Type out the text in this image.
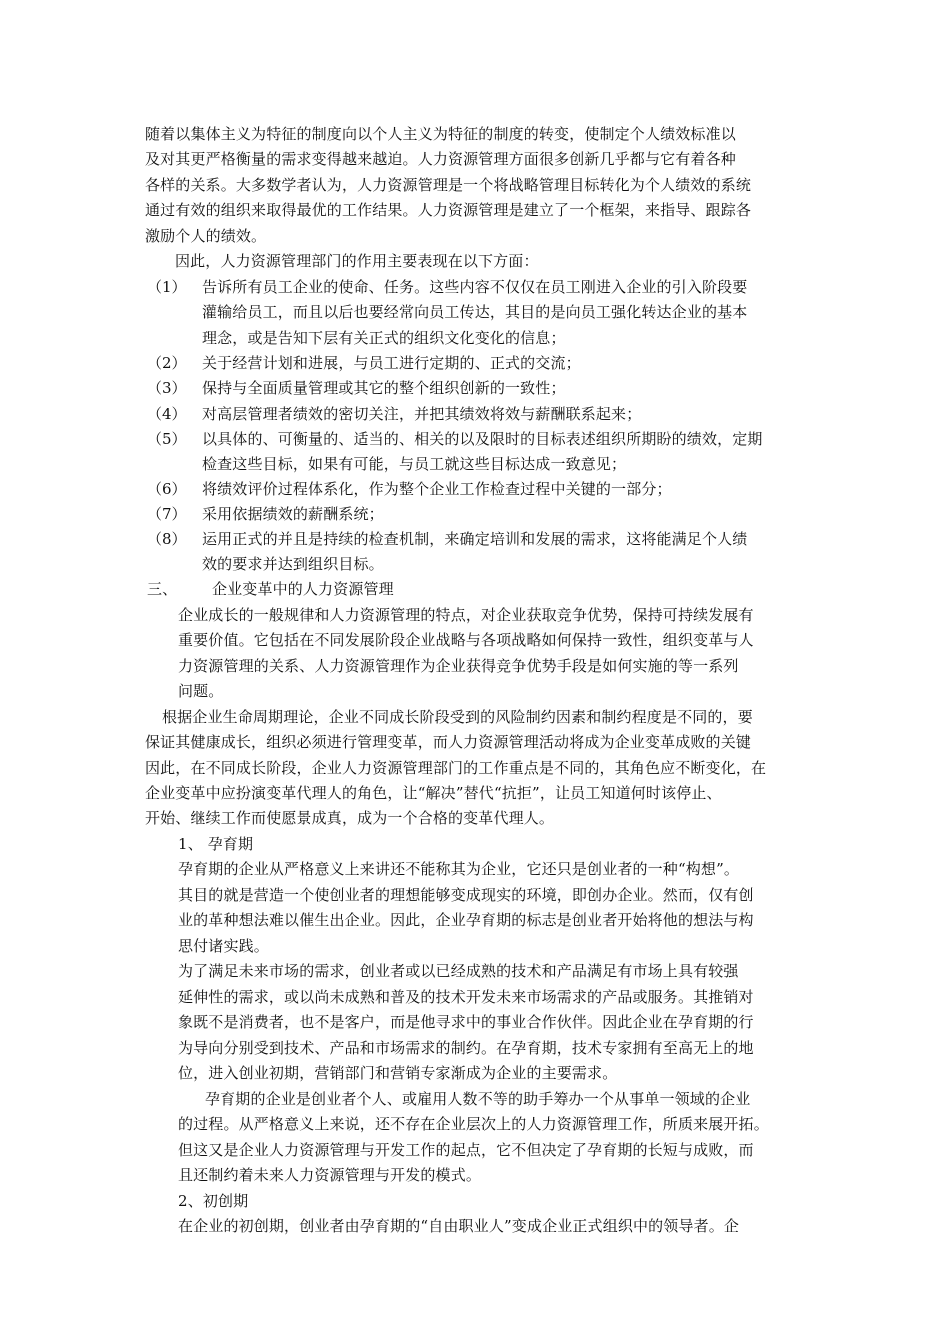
随着以集体主义为特征的制度向以个人主义为特征的制度的转变，使制定个人绩效标准以
及对其更严格衡量的需求变得越来越迫。人力资源管理方面很多创新几乎都与它有着各种
各样的关系。大多数学者认为，人力资源管理是一个将战略管理目标转化为个人绩效的系统
通过有效的组织来取得最优的工作结果。人力资源管理是建立了一个框架，来指导、跟踪各
激励个人的绩效。
因此，人力资源管理部门的作用主要表现在以下方面：
（1） 告诉所有员工企业的使命、任务。这些内容不仅仅在员工刚进入企业的引入阶段要
灌输给员工，而且以后也要经常向员工传达，其目的是向员工强化转达企业的基本
理念，或是告知下层有关正式的组织文化变化的信息；
（2） 关于经营计划和进展，与员工进行定期的、正式的交流；
（3） 保持与全面质量管理或其它的整个组织创新的一致性；
（4） 对高层管理者绩效的密切关注，并把其绩效将效与薪酬联系起来；
（5） 以具体的、可衡量的、适当的、相关的以及限时的目标表述组织所期盼的绩效，定期
检查这些目标，如果有可能，与员工就这些目标达成一致意见；
（6） 将绩效评价过程体系化，作为整个企业工作检查过程中关键的一部分；
（7） 采用依据绩效的薪酬系统；
（8） 运用正式的并且是持续的检查机制，来确定培训和发展的需求，这将能满足个人绩
效的要求并达到组织目标。
三、 企业变革中的人力资源管理
企业成长的一般规律和人力资源管理的特点，对企业获取竞争优势，保持可持续发展有
重要价值。它包括在不同发展阶段企业战略与各项战略如何保持一致性，组织变革与人
力资源管理的关系、人力资源管理作为企业获得竞争优势手段是如何实施的等一系列
问题。
根据企业生命周期理论，企业不同成长阶段受到的风险制约因素和制约程度是不同的，要
保证其健康成长，组织必须进行管理变革，而人力资源管理活动将成为企业变革成败的关键
因此，在不同成长阶段，企业人力资源管理部门的工作重点是不同的，其角色应不断变化，在
企业变革中应扮演变革代理人的角色，让“解决”替代“抗拒”，让员工知道何时该停止、
开始、继续工作而使愿景成真，成为一个合格的变革代理人。
1、 孕育期
孕育期的企业从严格意义上来讲还不能称其为企业，它还只是创业者的一种“构想”。
其目的就是营造一个使创业者的理想能够变成现实的环境，即创办企业。然而，仅有创
业的革种想法难以催生出企业。因此，企业孕育期的标志是创业者开始将他的想法与构
思付诸实践。
为了满足未来市场的需求，创业者或以已经成熟的技术和产品满足有市场上具有较强
延伸性的需求，或以尚未成熟和普及的技术开发未来市场需求的产品或服务。其推销对
象既不是消费者，也不是客户，而是他寻求中的事业合作伙伴。因此企业在孕育期的行
为导向分别受到技术、产品和市场需求的制约。在孕育期，技术专家拥有至高无上的地
位，进入创业初期，营销部门和营销专家渐成为企业的主要需求。
孕育期的企业是创业者个人、或雇用人数不等的助手筹办一个从事单一领域的企业
的过程。从严格意义上来说，还不存在企业层次上的人力资源管理工作，所质来展开拓。
但这又是企业人力资源管理与开发工作的起点，它不但决定了孕育期的长短与成败，而
且还制约着未来人力资源管理与开发的模式。
2、初创期
在企业的初创期，创业者由孕育期的“自由职业人”变成企业正式组织中的领导者。企
